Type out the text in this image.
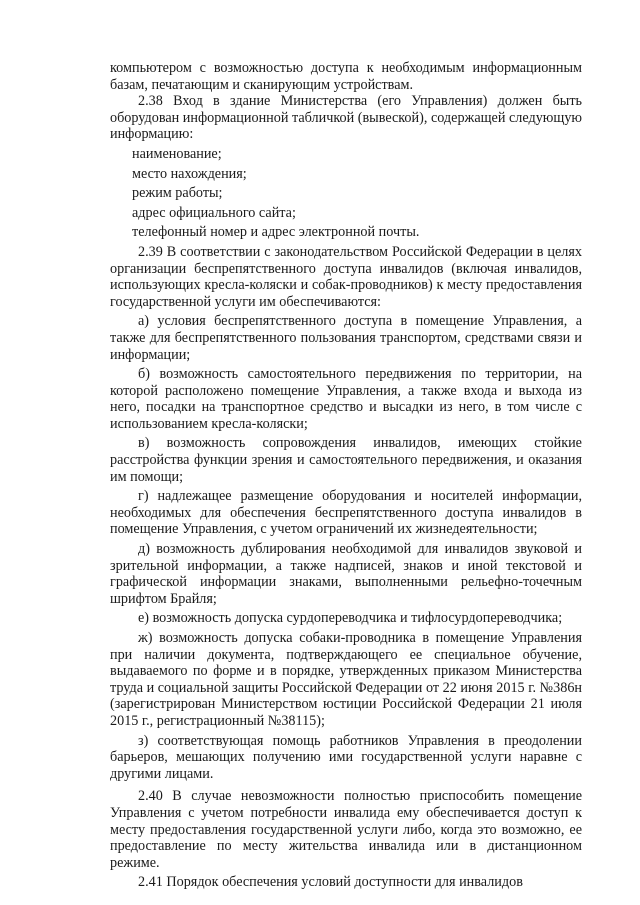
компьютером с возможностью доступа к необходимым информационным базам, печатающим и сканирующим устройствам.

2.38 Вход в здание Министерства (его Управления) должен быть оборудован информационной табличкой (вывеской), содержащей следующую информацию:

наименование;

место нахождения;

режим работы;

адрес официального сайта;

телефонный номер и адрес электронной почты.

2.39 В соответствии с законодательством Российской Федерации в целях организации беспрепятственного доступа инвалидов (включая инвалидов, использующих кресла-коляски и собак-проводников) к месту предоставления государственной услуги им обеспечиваются:

а) условия беспрепятственного доступа в помещение Управления, а также для беспрепятственного пользования транспортом, средствами связи и информации;

б) возможность самостоятельного передвижения по территории, на которой расположено помещение Управления, а также входа и выхода из него, посадки на транспортное средство и высадки из него, в том числе с использованием кресла-коляски;

в) возможность сопровождения инвалидов, имеющих стойкие расстройства функции зрения и самостоятельного передвижения, и оказания им помощи;

г) надлежащее размещение оборудования и носителей информации, необходимых для обеспечения беспрепятственного доступа инвалидов в помещение Управления, с учетом ограничений их жизнедеятельности;

д) возможность дублирования необходимой для инвалидов звуковой и зрительной информации, а также надписей, знаков и иной текстовой и графической информации знаками, выполненными рельефно-точечным шрифтом Брайля;

е) возможность допуска сурдопереводчика и тифлосурдопереводчика;

ж) возможность допуска собаки-проводника в помещение Управления при наличии документа, подтверждающего ее специальное обучение, выдаваемого по форме и в порядке, утвержденных приказом Министерства труда и социальной защиты Российской Федерации от 22 июня 2015 г. №386н (зарегистрирован Министерством юстиции Российской Федерации 21 июля 2015 г., регистрационный №38115);

з) соответствующая помощь работников Управления в преодолении барьеров, мешающих получению ими государственной услуги наравне с другими лицами.

2.40 В случае невозможности полностью приспособить помещение Управления с учетом потребности инвалида ему обеспечивается доступ к месту предоставления государственной услуги либо, когда это возможно, ее предоставление по месту жительства инвалида или в дистанционном режиме.

2.41 Порядок обеспечения условий доступности для инвалидов
